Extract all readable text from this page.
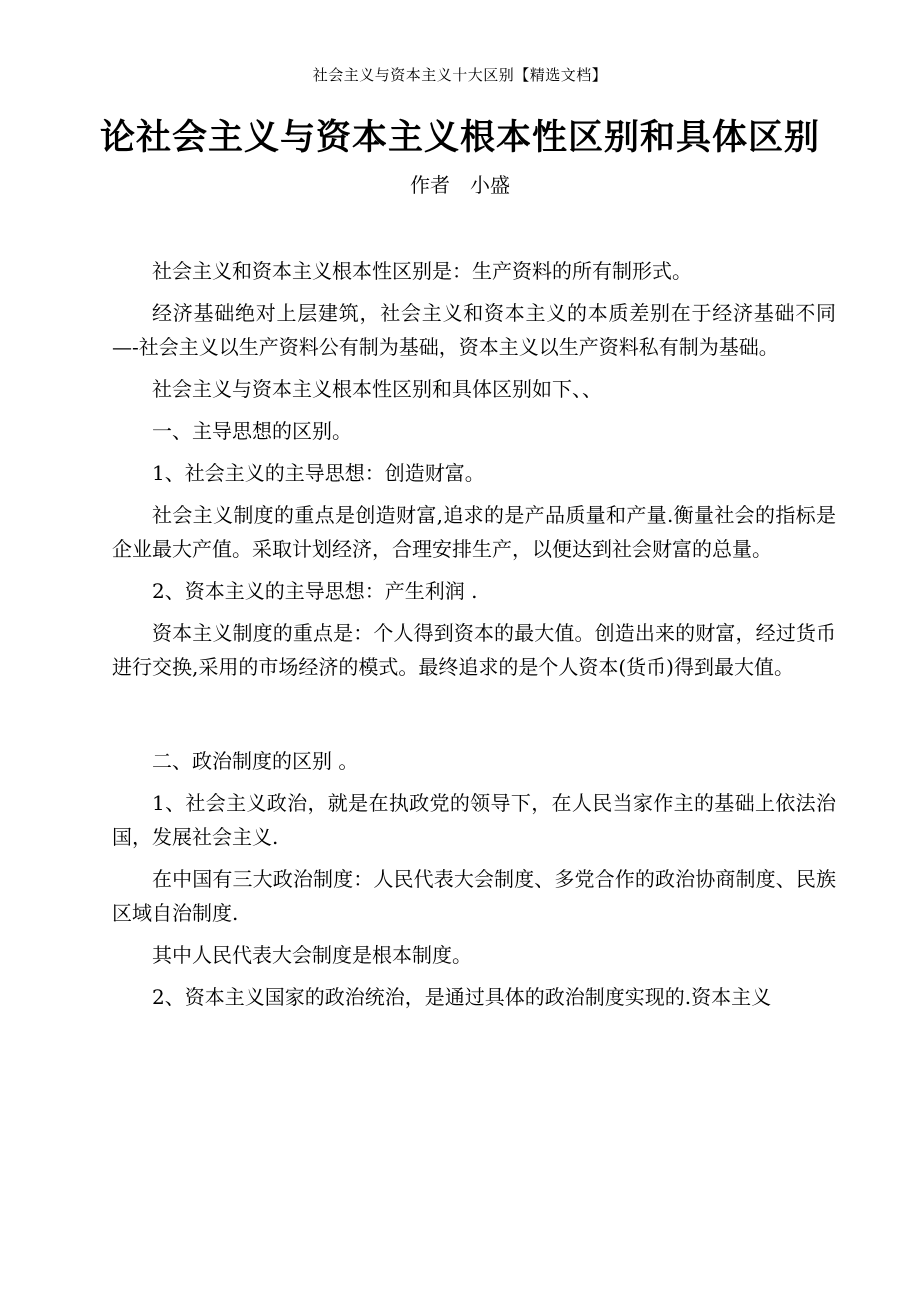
社会主义与资本主义十大区别【精选文档】
论社会主义与资本主义根本性区别和具体区别
作者　小盛

社会主义和资本主义根本性区别是：生产资料的所有制形式。

经济基础绝对上层建筑，社会主义和资本主义的本质差别在于经济基础不同—-社会主义以生产资料公有制为基础，资本主义以生产资料私有制为基础。

社会主义与资本主义根本性区别和具体区别如下、、

一、主导思想的区别。

1、社会主义的主导思想：创造财富。

社会主义制度的重点是创造财富,追求的是产品质量和产量.衡量社会的指标是企业最大产值。采取计划经济，合理安排生产，以便达到社会财富的总量。

2、资本主义的主导思想：产生利润 .

资本主义制度的重点是：个人得到资本的最大值。创造出来的财富，经过货币进行交换,采用的市场经济的模式。最终追求的是个人资本(货币)得到最大值。

二、政治制度的区别 。

1、社会主义政治，就是在执政党的领导下，在人民当家作主的基础上依法治国，发展社会主义.

在中国有三大政治制度：人民代表大会制度、多党合作的政治协商制度、民族区域自治制度.

其中人民代表大会制度是根本制度。

2、资本主义国家的政治统治，是通过具体的政治制度实现的.资本主义
